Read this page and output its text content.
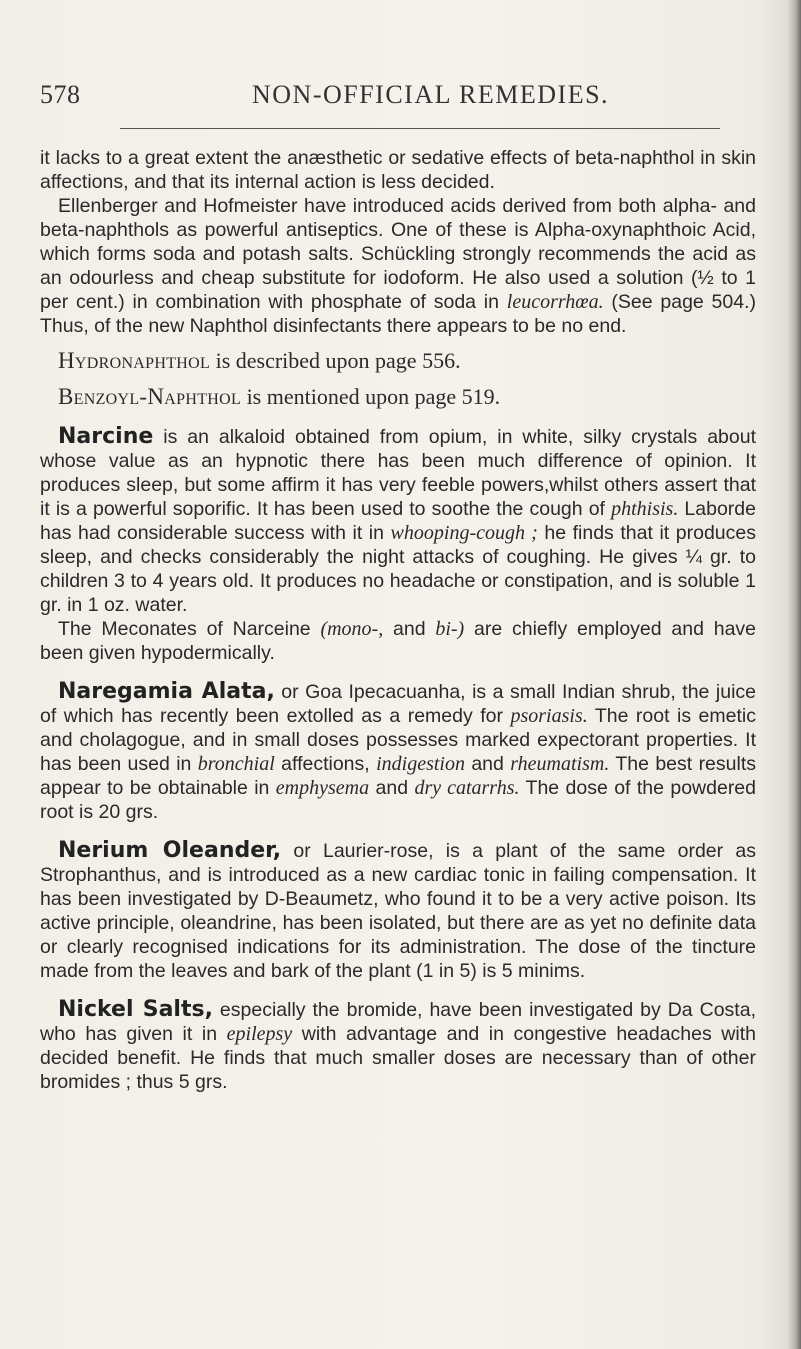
578	NON-OFFICIAL REMEDIES.

it lacks to a great extent the anæsthetic or sedative effects of beta-naphthol in skin affections, and that its internal action is less decided.

Ellenberger and Hofmeister have introduced acids derived from both alpha- and beta-naphthols as powerful antiseptics. One of these is Alpha-oxynaphthoic Acid, which forms soda and potash salts. Schückling strongly recommends the acid as an odourless and cheap substitute for iodoform. He also used a solution (½ to 1 per cent.) in combination with phosphate of soda in leucorrhœa. (See page 504.) Thus, of the new Naphthol disinfectants there appears to be no end.

Hydronaphthol is described upon page 556.

Benzoyl-Naphthol is mentioned upon page 519.

Narcine is an alkaloid obtained from opium, in white, silky crystals about whose value as an hypnotic there has been much difference of opinion. It produces sleep, but some affirm it has very feeble powers,whilst others assert that it is a powerful soporific. It has been used to soothe the cough of phthisis. Laborde has had considerable success with it in whooping-cough ; he finds that it produces sleep, and checks considerably the night attacks of coughing. He gives ¼ gr. to children 3 to 4 years old. It produces no headache or constipation, and is soluble 1 gr. in 1 oz. water.

The Meconates of Narceine (mono-, and bi-) are chiefly employed and have been given hypodermically.

Naregamia Alata, or Goa Ipecacuanha, is a small Indian shrub, the juice of which has recently been extolled as a remedy for psoriasis. The root is emetic and cholagogue, and in small doses possesses marked expectorant properties. It has been used in bronchial affections, indigestion and rheumatism. The best results appear to be obtainable in emphysema and dry catarrhs. The dose of the powdered root is 20 grs.

Nerium Oleander, or Laurier-rose, is a plant of the same order as Strophanthus, and is introduced as a new cardiac tonic in failing compensation. It has been investigated by D-Beaumetz, who found it to be a very active poison. Its active principle, oleandrine, has been isolated, but there are as yet no definite data or clearly recognised indications for its administration. The dose of the tincture made from the leaves and bark of the plant (1 in 5) is 5 minims.

Nickel Salts, especially the bromide, have been investigated by Da Costa, who has given it in epilepsy with advantage and in congestive headaches with decided benefit. He finds that much smaller doses are necessary than of other bromides ; thus 5 grs.
